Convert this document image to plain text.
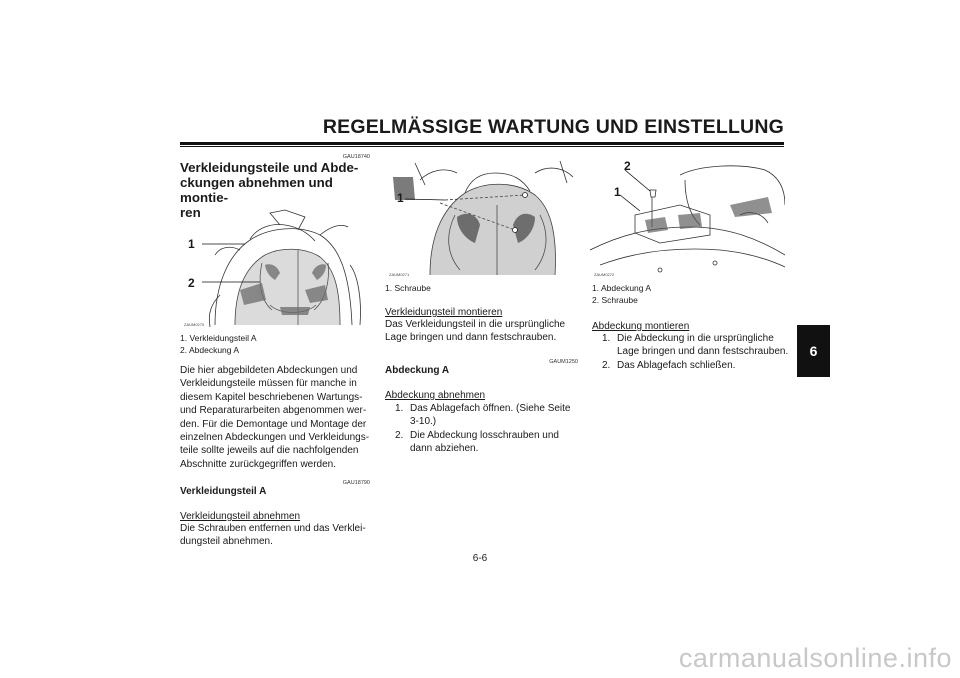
REGELMÄSSIGE WARTUNG UND EINSTELLUNG
6
GAU18740
Verkleidungsteile und Abde-
ckungen abnehmen und montie-
ren
1
2
ZAUM0270
1. Verkleidungsteil A
2. Abdeckung A
Die hier abgebildeten Abdeckungen und
Verkleidungsteile müssen für manche in
diesem Kapitel beschriebenen Wartungs-
und Reparaturarbeiten abgenommen wer-
den. Für die Demontage und Montage der
einzelnen Abdeckungen und Verkleidungs-
teile sollte jeweils auf die nachfolgenden
Abschnitte zurückgegriffen werden.
GAU18790
Verkleidungsteil A
Verkleidungsteil abnehmen
Die Schrauben entfernen und das Verklei-
dungsteil abnehmen.
1
ZAUM0271
1. Schraube
Verkleidungsteil montieren
Das Verkleidungsteil in die ursprüngliche
Lage bringen und dann festschrauben.
GAUM1250
Abdeckung A
Abdeckung abnehmen
1. Das Ablagefach öffnen. (Siehe Seite
3-10.)
2. Die Abdeckung losschrauben und
dann abziehen.
2
1
ZAUM0272
1. Abdeckung A
2. Schraube
Abdeckung montieren
1. Die Abdeckung in die ursprüngliche
Lage bringen und dann festschrauben.
2. Das Ablagefach schließen.
6-6
carmanualsonline.info
